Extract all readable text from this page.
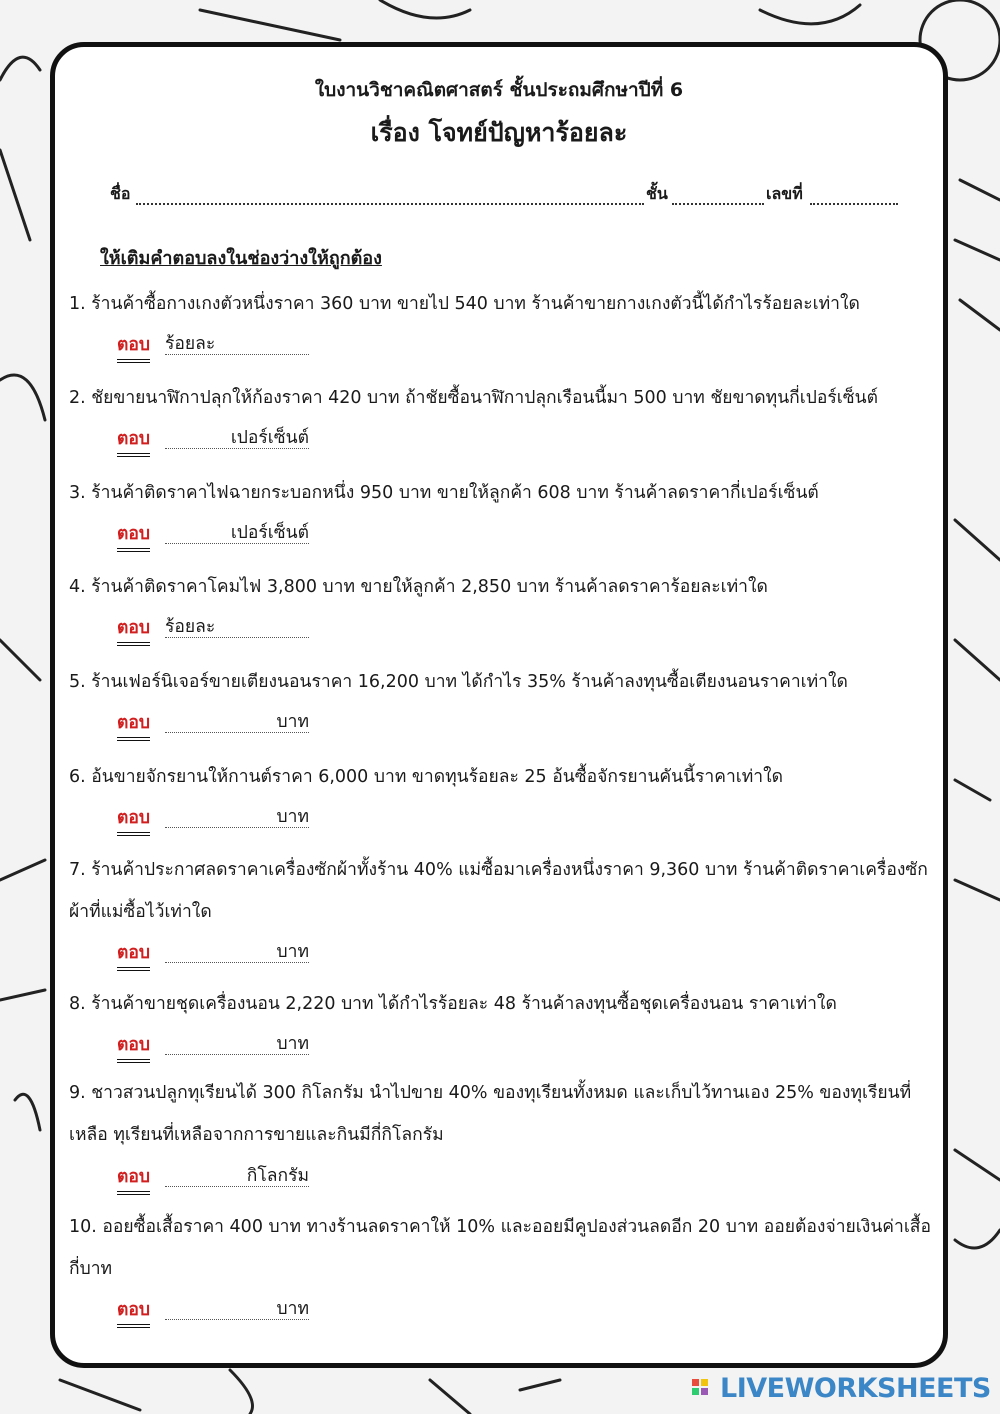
ใบงานวิชาคณิตศาสตร์ ชั้นประถมศึกษาปีที่ 6
เรื่อง โจทย์ปัญหาร้อยละ
ชื่อ	ชั้น	เลขที่
ให้เติมคำตอบลงในช่องว่างให้ถูกต้อง
1. ร้านค้าซื้อกางเกงตัวหนึ่งราคา 360 บาท ขายไป 540 บาท ร้านค้าขายกางเกงตัวนี้ได้กำไรร้อยละเท่าใด
ตอบ ร้อยละ
2. ชัยขายนาฬิกาปลุกให้ก้องราคา 420 บาท ถ้าชัยซื้อนาฬิกาปลุกเรือนนี้มา 500 บาท ชัยขาดทุนกี่เปอร์เซ็นต์
ตอบ	เปอร์เซ็นต์
3. ร้านค้าติดราคาไฟฉายกระบอกหนึ่ง 950 บาท ขายให้ลูกค้า 608 บาท ร้านค้าลดราคากี่เปอร์เซ็นต์
ตอบ	เปอร์เซ็นต์
4. ร้านค้าติดราคาโคมไฟ 3,800 บาท ขายให้ลูกค้า 2,850 บาท ร้านค้าลดราคาร้อยละเท่าใด
ตอบ ร้อยละ
5. ร้านเฟอร์นิเจอร์ขายเตียงนอนราคา 16,200 บาท ได้กำไร 35% ร้านค้าลงทุนซื้อเตียงนอนราคาเท่าใด
ตอบ	บาท
6. อ้นขายจักรยานให้กานต์ราคา 6,000 บาท ขาดทุนร้อยละ 25 อ้นซื้อจักรยานคันนี้ราคาเท่าใด
ตอบ	บาท
7. ร้านค้าประกาศลดราคาเครื่องซักผ้าทั้งร้าน 40% แม่ซื้อมาเครื่องหนึ่งราคา 9,360 บาท ร้านค้าติดราคาเครื่องซักผ้าที่แม่ซื้อไว้เท่าใด
ตอบ	บาท
8. ร้านค้าขายชุดเครื่องนอน 2,220 บาท ได้กำไรร้อยละ 48 ร้านค้าลงทุนซื้อชุดเครื่องนอน ราคาเท่าใด
ตอบ	บาท
9. ชาวสวนปลูกทุเรียนได้ 300 กิโลกรัม นำไปขาย 40% ของทุเรียนทั้งหมด และเก็บไว้ทานเอง 25% ของทุเรียนที่เหลือ ทุเรียนที่เหลือจากการขายและกินมีกี่กิโลกรัม
ตอบ	กิโลกรัม
10. ออยซื้อเสื้อราคา 400 บาท ทางร้านลดราคาให้ 10% และออยมีคูปองส่วนลดอีก 20 บาท ออยต้องจ่ายเงินค่าเสื้อกี่บาท
ตอบ	บาท
LIVEWORKSHEETS
